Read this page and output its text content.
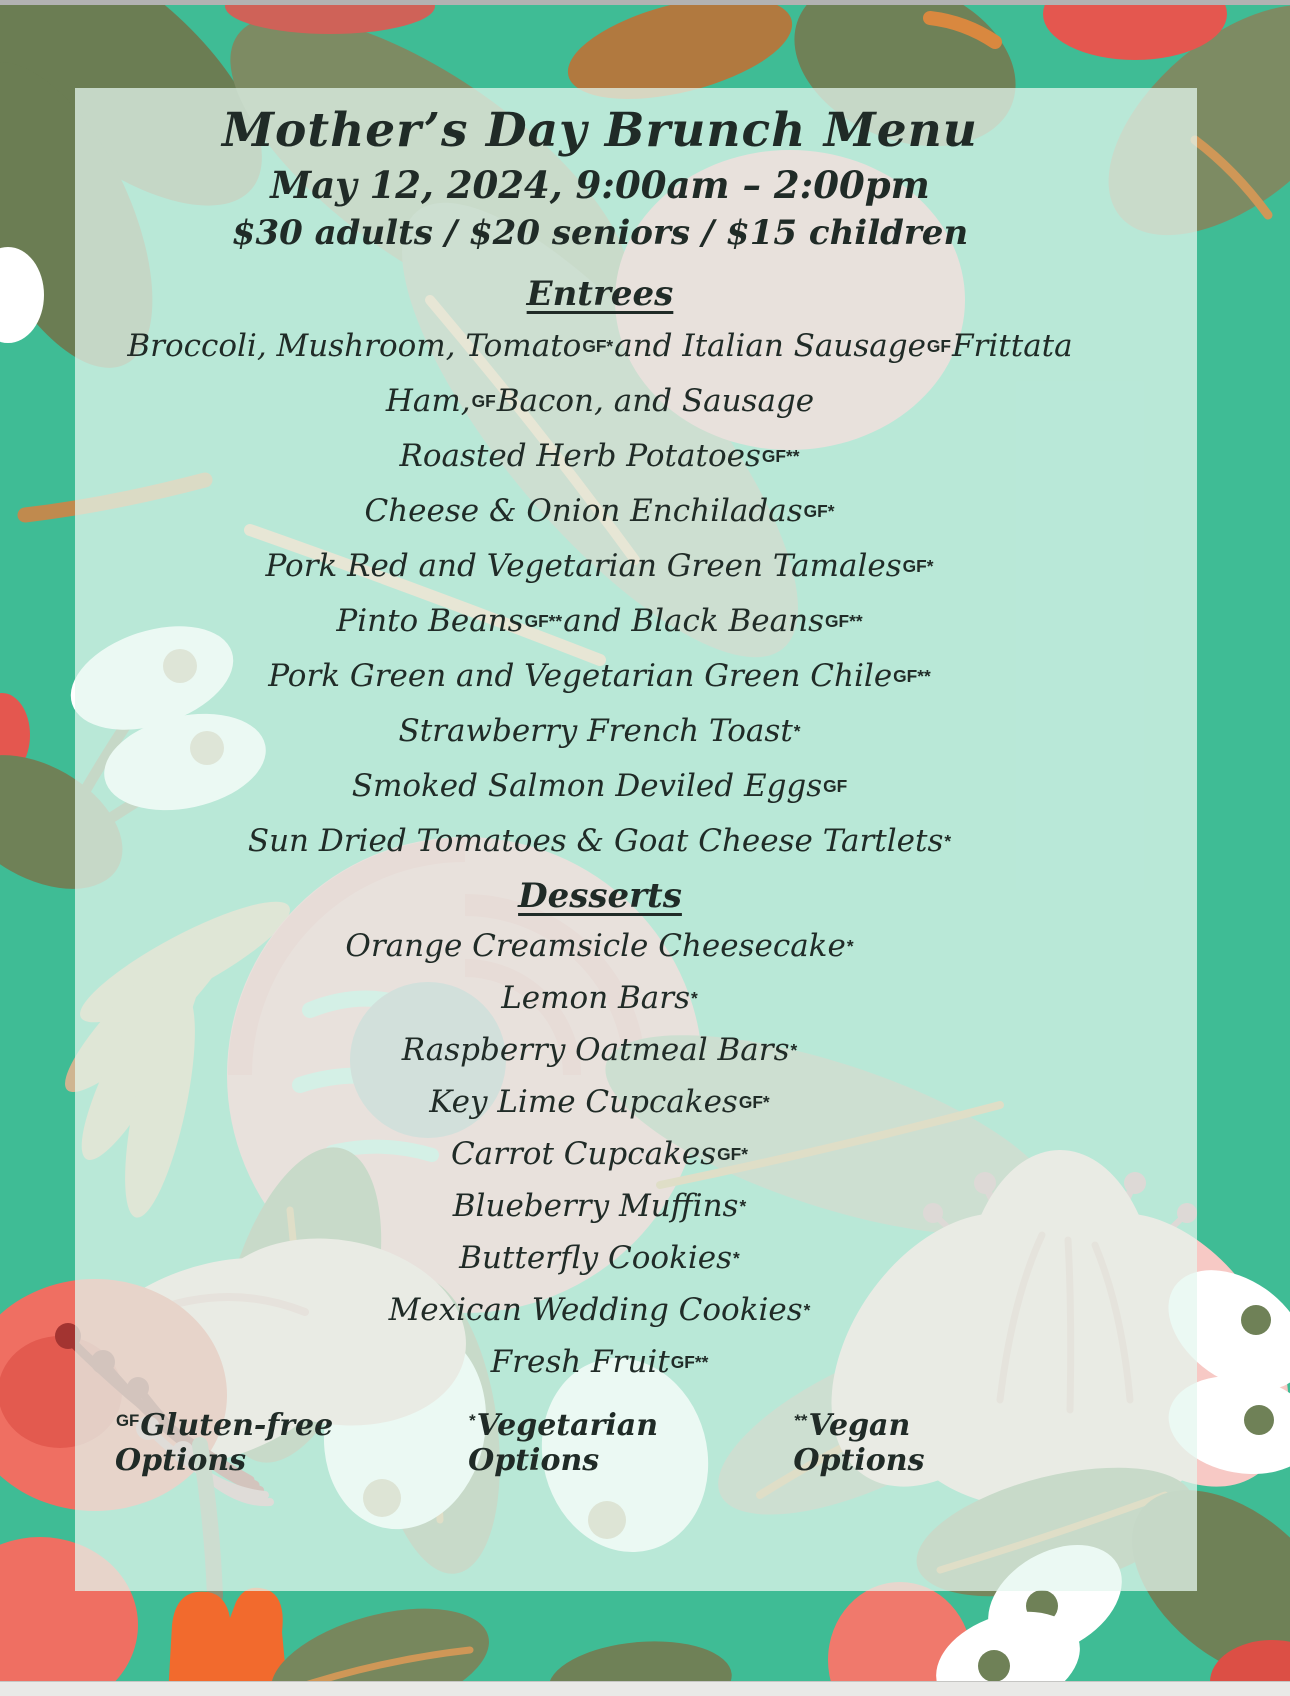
Mother’s Day Brunch Menu
May 12, 2024, 9:00am – 2:00pm
$30 adults / $20 seniors / $15 children
Entrees
Broccoli, Mushroom, Tomato GF* and Italian Sausage GF Frittata
Ham, GF Bacon, and Sausage
Roasted Herb Potatoes GF**
Cheese & Onion Enchiladas GF*
Pork Red and Vegetarian Green Tamales GF*
Pinto Beans GF** and Black Beans GF**
Pork Green and Vegetarian Green Chile GF**
Strawberry French Toast *
Smoked Salmon Deviled Eggs GF
Sun Dried Tomatoes & Goat Cheese Tartlets *
Desserts
Orange Creamsicle Cheesecake *
Lemon Bars *
Raspberry Oatmeal Bars *
Key Lime Cupcakes GF*
Carrot Cupcakes GF*
Blueberry Muffins *
Butterfly Cookies *
Mexican Wedding Cookies *
Fresh Fruit GF**
$^{GF}$Gluten-free Options
*Vegetarian Options
**Vegan Options
